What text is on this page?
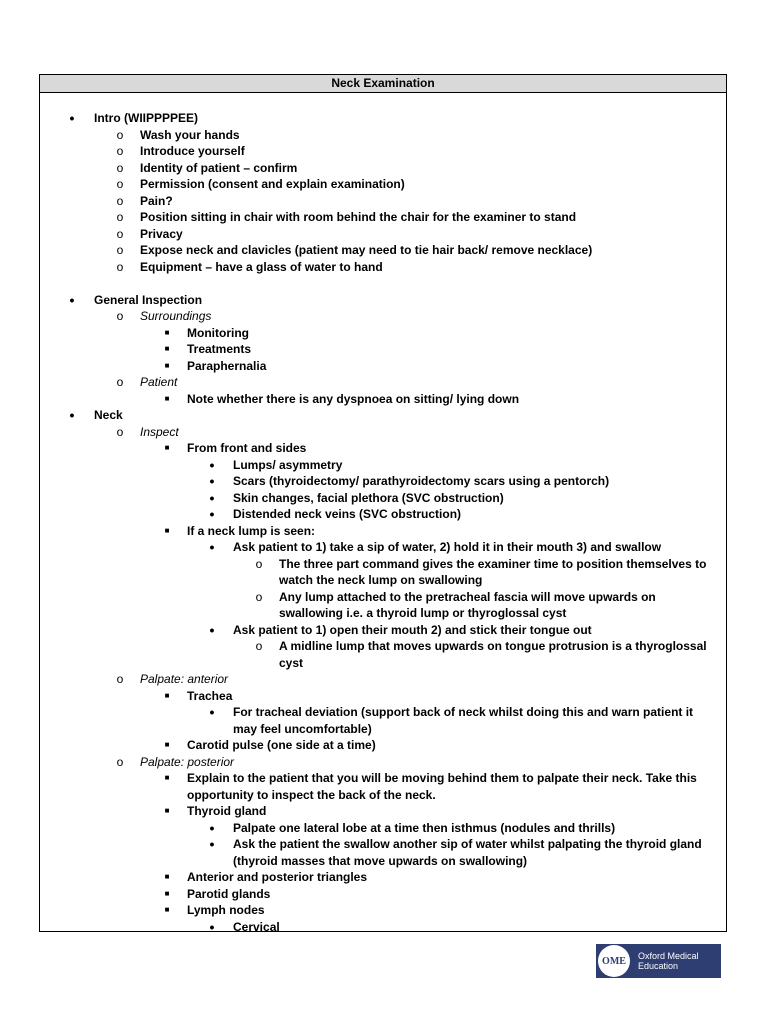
Neck Examination
• Intro (WIIPPPPEE)
o Wash your hands
o Introduce yourself
o Identity of patient – confirm
o Permission (consent and explain examination)
o Pain?
o Position sitting in chair with room behind the chair for the examiner to stand
o Privacy
o Expose neck and clavicles (patient may need to tie hair back/ remove necklace)
o Equipment – have a glass of water to hand
• General Inspection
o Surroundings
■ Monitoring
■ Treatments
■ Paraphernalia
o Patient
■ Note whether there is any dyspnoea on sitting/ lying down
• Neck
o Inspect
■ From front and sides
• Lumps/ asymmetry
• Scars (thyroidectomy/ parathyroidectomy scars using a pentorch)
• Skin changes, facial plethora (SVC obstruction)
• Distended neck veins (SVC obstruction)
■ If a neck lump is seen:
• Ask patient to 1) take a sip of water, 2) hold it in their mouth 3) and swallow
o The three part command gives the examiner time to position themselves to
watch the neck lump on swallowing
o Any lump attached to the pretracheal fascia will move upwards on
swallowing i.e. a thyroid lump or thyroglossal cyst
• Ask patient to 1) open their mouth 2) and stick their tongue out
o A midline lump that moves upwards on tongue protrusion is a thyroglossal
cyst
o Palpate: anterior
■ Trachea
• For tracheal deviation (support back of neck whilst doing this and warn patient it
may feel uncomfortable)
■ Carotid pulse (one side at a time)
o Palpate: posterior
■ Explain to the patient that you will be moving behind them to palpate their neck. Take this
opportunity to inspect the back of the neck.
■ Thyroid gland
• Palpate one lateral lobe at a time then isthmus (nodules and thrills)
• Ask the patient the swallow another sip of water whilst palpating the thyroid gland
(thyroid masses that move upwards on swallowing)
■ Anterior and posterior triangles
■ Parotid glands
■ Lymph nodes
• Cervical
OME	Oxford Medical
Education
